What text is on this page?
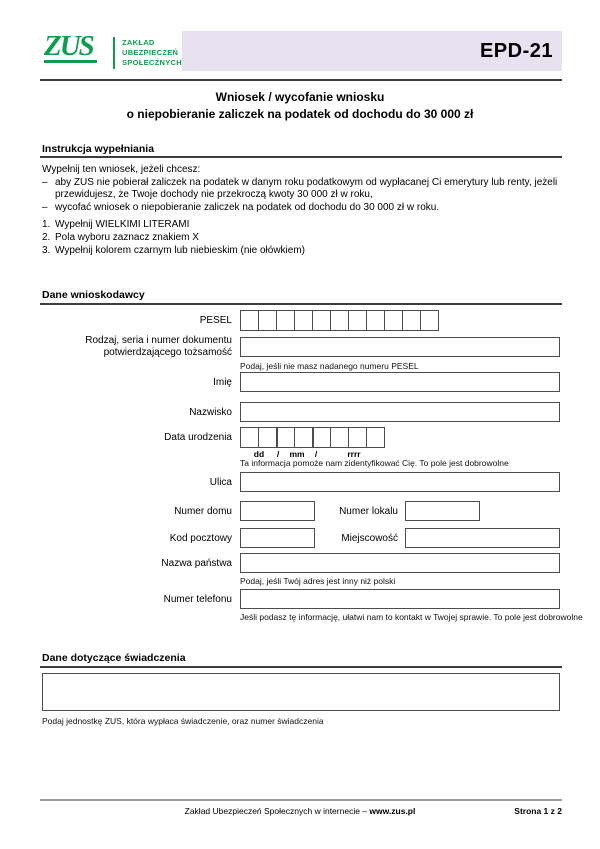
ZUS	ZAKŁAD
UBEZPIECZEŃ
SPOŁECZNYCH
EPD-21
Wniosek / wycofanie wniosku
o niepobieranie zaliczek na podatek od dochodu do 30 000 zł
Instrukcja wypełniania
Wypełnij ten wniosek, jeżeli chcesz:
– aby ZUS nie pobierał zaliczek na podatek w danym roku podatkowym od wypłacanej Ci emerytury lub renty, jeżeli przewidujesz, że Twoje dochody nie przekroczą kwoty 30 000 zł w roku,
– wycofać wniosek o niepobieranie zaliczek na podatek od dochodu do 30 000 zł w roku.
1. Wypełnij WIELKIMI LITERAMI
2. Pola wyboru zaznacz znakiem X
3. Wypełnij kolorem czarnym lub niebieskim (nie ołówkiem)
Dane wnioskodawcy
PESEL
Rodzaj, seria i numer dokumentu
potwierdzającego tożsamość
Podaj, jeśli nie masz nadanego numeru PESEL
Imię
Nazwisko
Data urodzenia
dd	/	mm	/	rrrr
Ta informacja pomoże nam zidentyfikować Cię. To pole jest dobrowolne
Ulica
Numer domu	Numer lokalu
Kod pocztowy	Miejscowość
Nazwa państwa
Podaj, jeśli Twój adres jest inny niż polski
Numer telefonu
Jeśli podasz tę informację, ułatwi nam to kontakt w Twojej sprawie. To pole jest dobrowolne
Dane dotyczące świadczenia
Podaj jednostkę ZUS, która wypłaca świadczenie, oraz numer świadczenia
Zakład Ubezpieczeń Społecznych w internecie – www.zus.pl	Strona 1 z 2
